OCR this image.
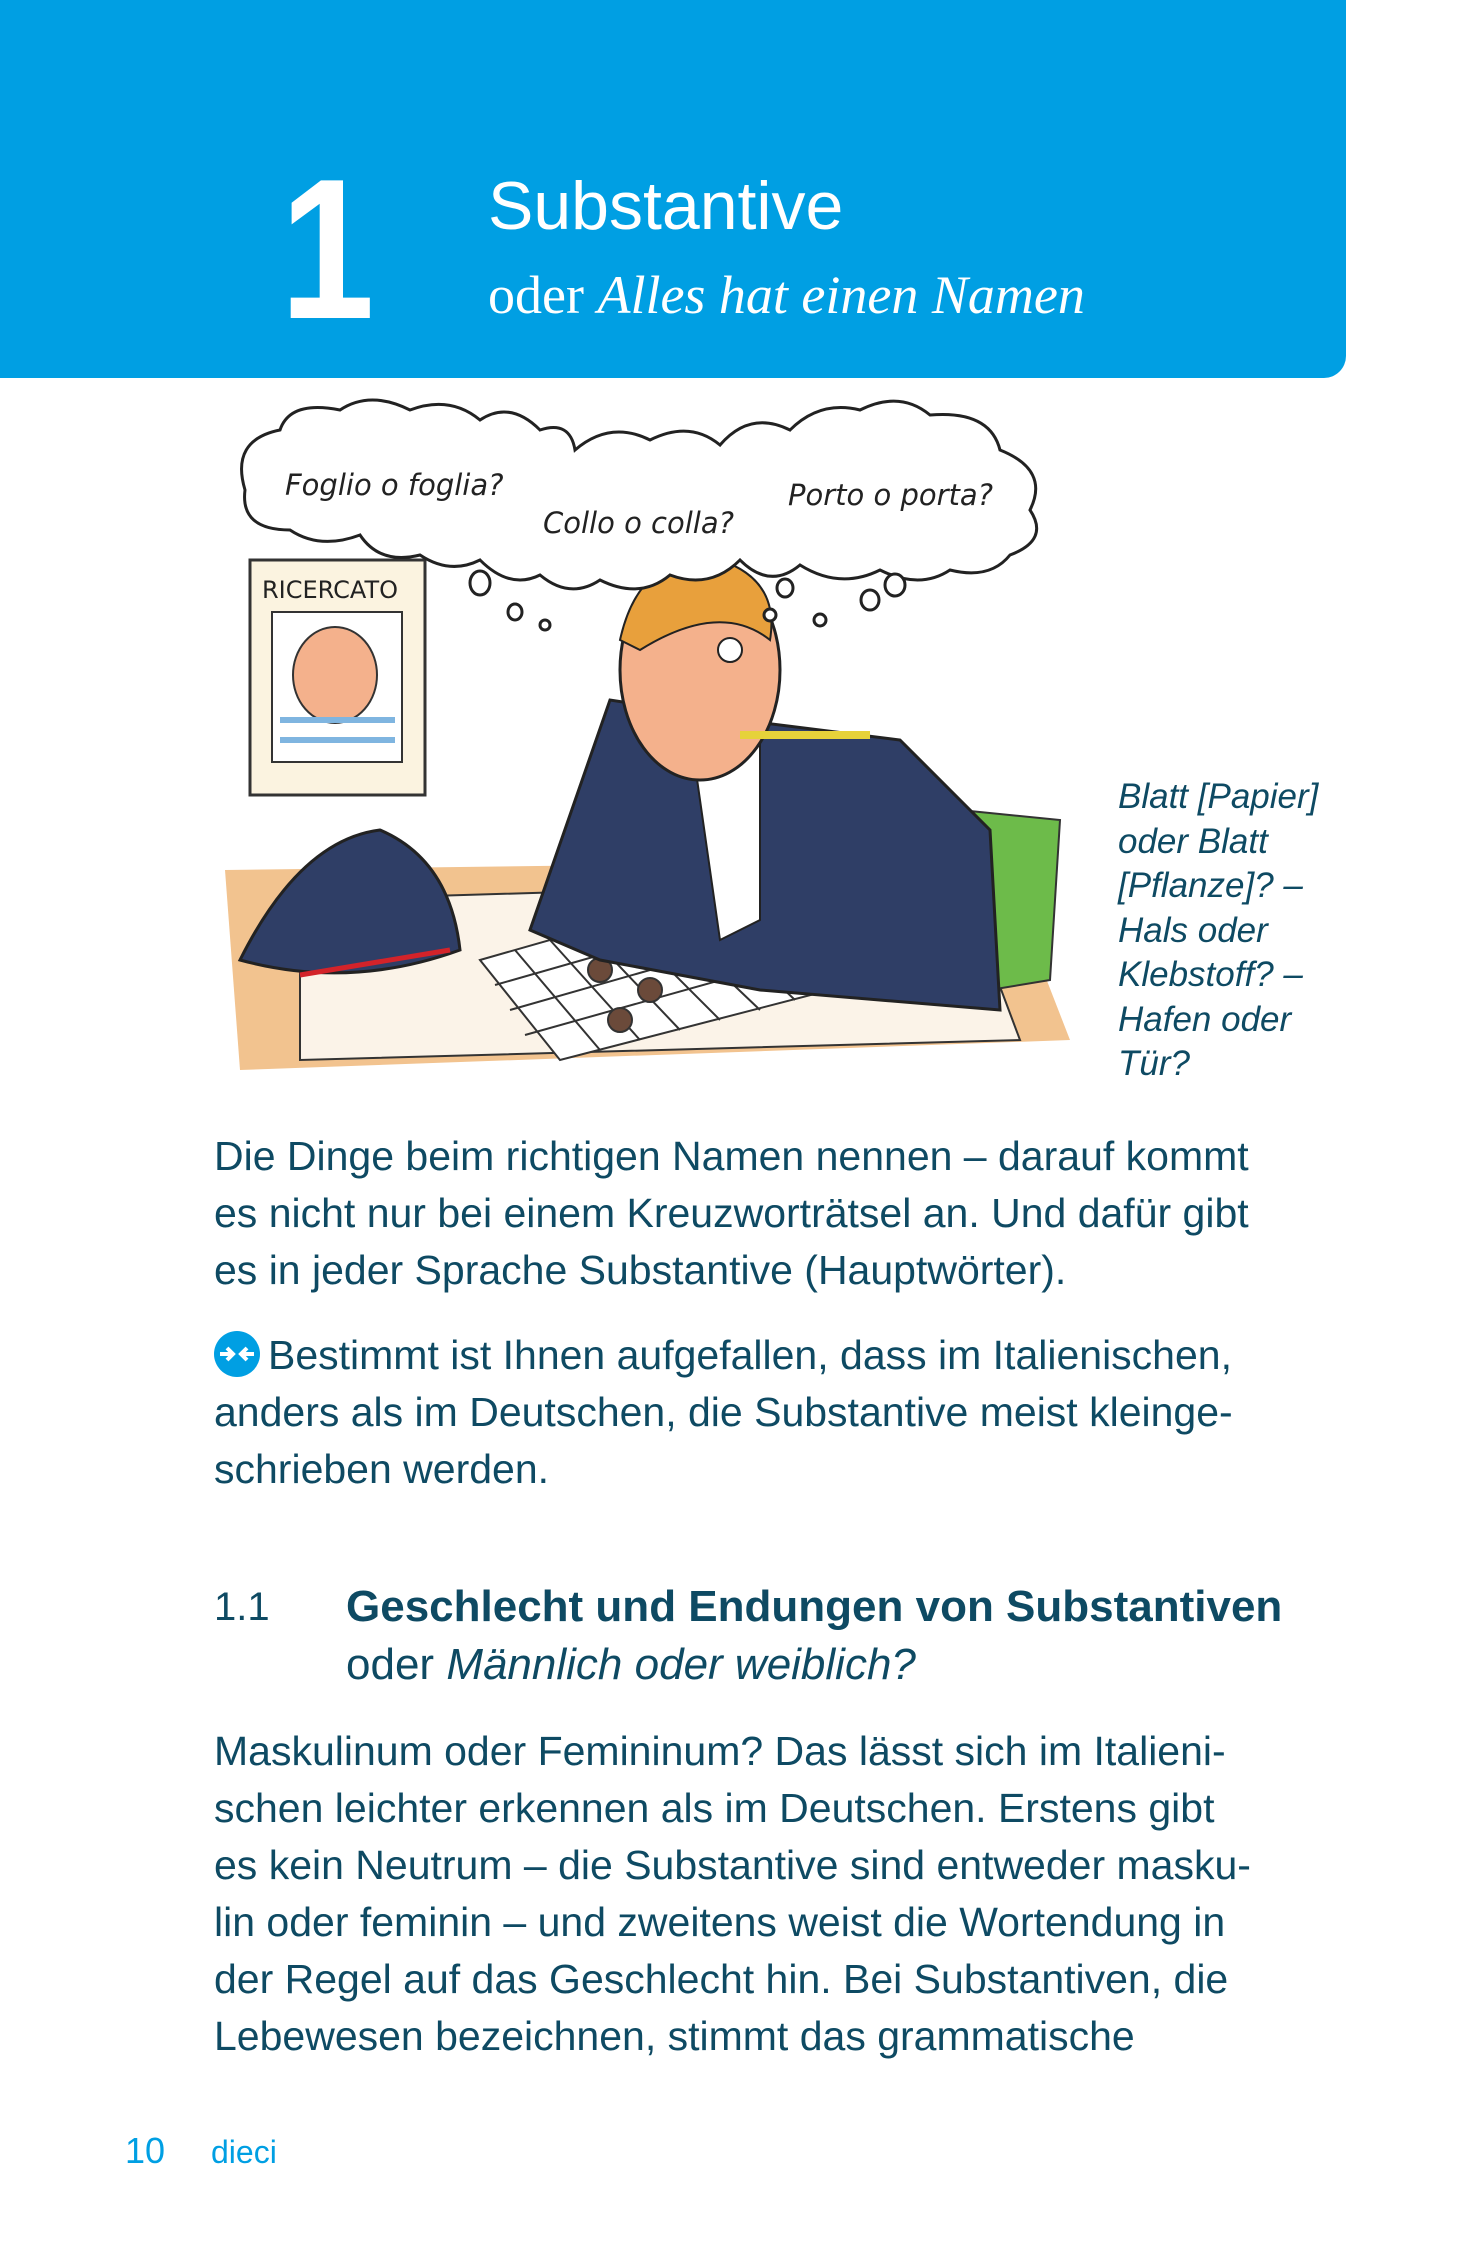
1 Substantive
oder Alles hat einen Namen
RICERCATO
Foglio o foglia?
Collo o colla?
Porto o porta?
Blatt [Papier]
oder Blatt
[Pflanze]? –
Hals oder
Klebstoff? –
Hafen oder
Tür?
Die Dinge beim richtigen Namen nennen – darauf kommt
es nicht nur bei einem Kreuzworträtsel an. Und dafür gibt
es in jeder Sprache Substantive (Hauptwörter).
Bestimmt ist Ihnen aufgefallen, dass im Italienischen,
anders als im Deutschen, die Substantive meist kleinge-
schrieben werden.
1.1 Geschlecht und Endungen von Substantiven
oder Männlich oder weiblich?
Maskulinum oder Femininum? Das lässt sich im Italieni-
schen leichter erkennen als im Deutschen. Erstens gibt
es kein Neutrum – die Substantive sind entweder masku-
lin oder feminin – und zweitens weist die Wortendung in
der Regel auf das Geschlecht hin. Bei Substantiven, die
Lebewesen bezeichnen, stimmt das grammatische
10 dieci
